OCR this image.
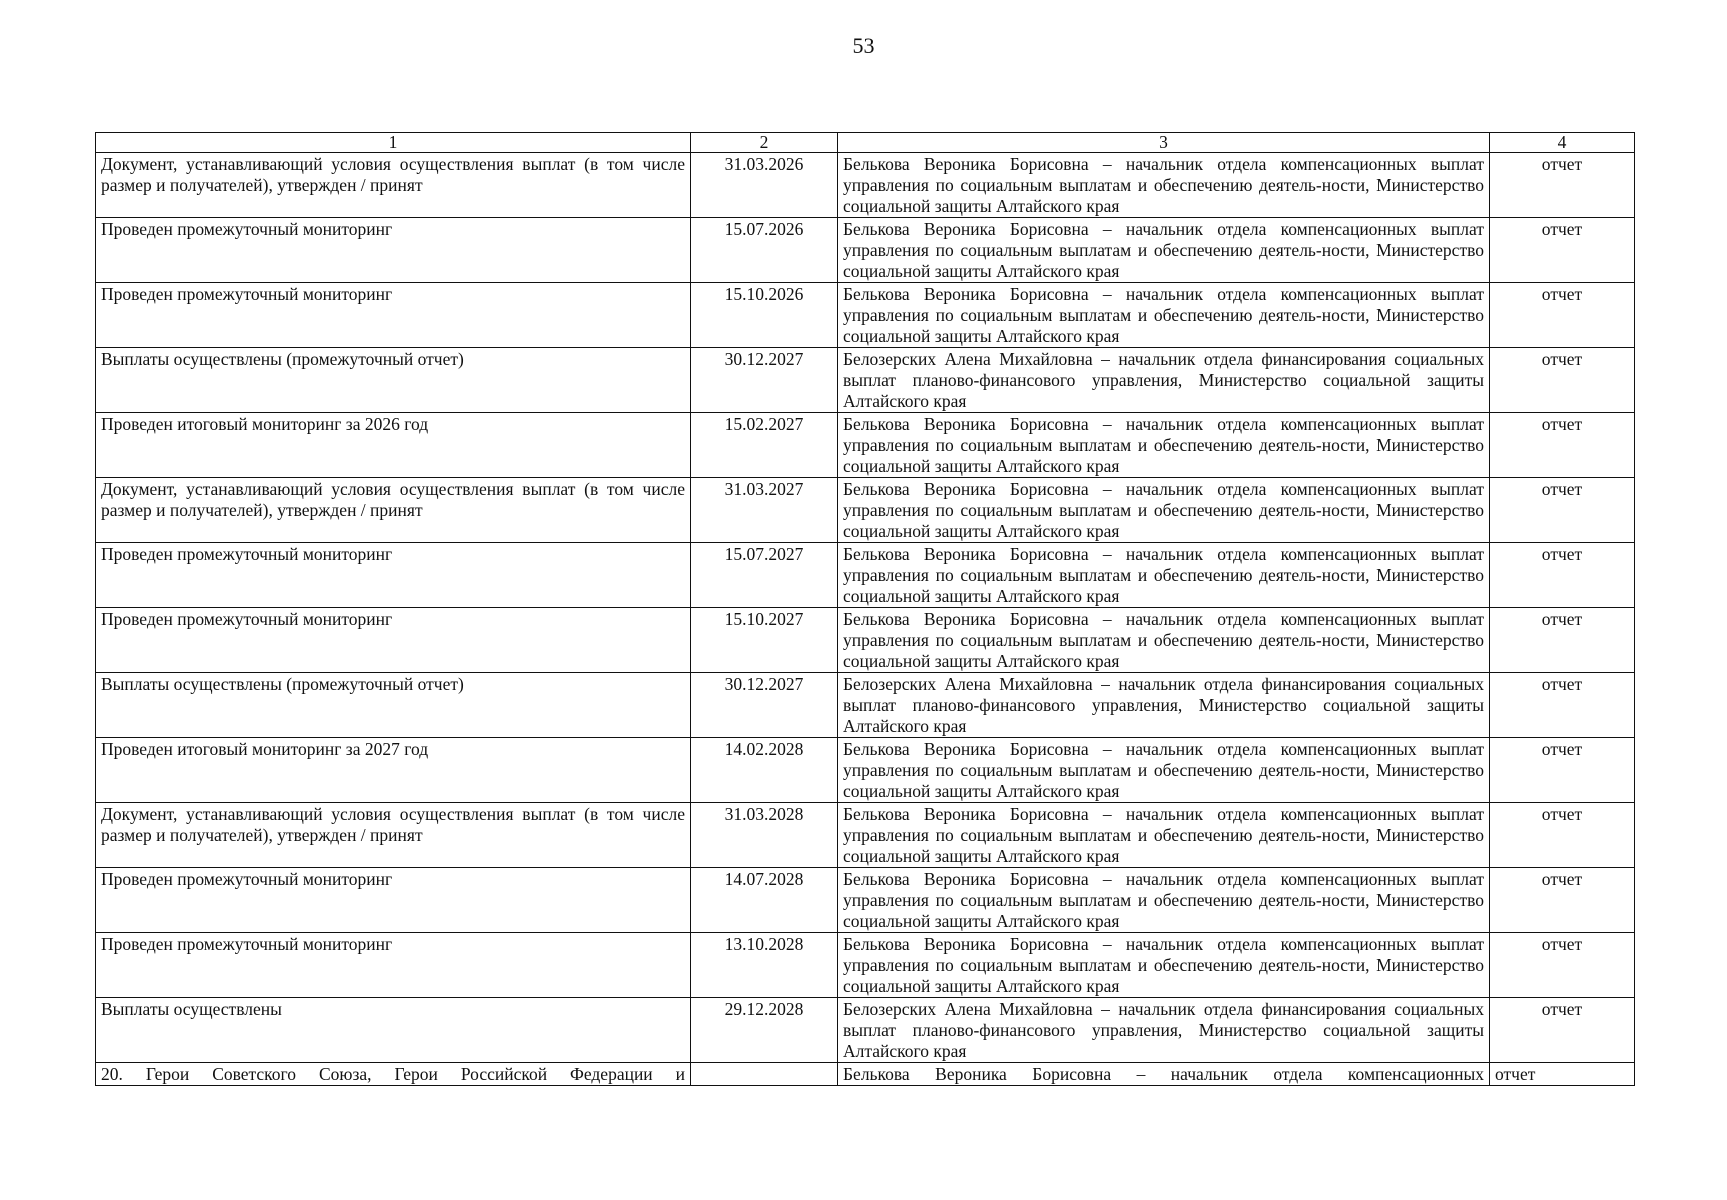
53
1	2	3	4
Документ, устанавливающий условия осуществления выплат (в том числе размер и получателей), утвержден / принят	31.03.2026	Белькова Вероника Борисовна – начальник отдела компенсационных выплат управления по социальным выплатам и обеспечению деятель-ности, Министерство социальной защиты Алтайского края	отчет
Проведен промежуточный мониторинг	15.07.2026	Белькова Вероника Борисовна – начальник отдела компенсационных выплат управления по социальным выплатам и обеспечению деятель-ности, Министерство социальной защиты Алтайского края	отчет
Проведен промежуточный мониторинг	15.10.2026	Белькова Вероника Борисовна – начальник отдела компенсационных выплат управления по социальным выплатам и обеспечению деятель-ности, Министерство социальной защиты Алтайского края	отчет
Выплаты осуществлены (промежуточный отчет)	30.12.2027	Белозерских Алена Михайловна – начальник отдела финансирования социальных выплат планово-финансового управления, Министерство социальной защиты Алтайского края	отчет
Проведен итоговый мониторинг за 2026 год	15.02.2027	Белькова Вероника Борисовна – начальник отдела компенсационных выплат управления по социальным выплатам и обеспечению деятель-ности, Министерство социальной защиты Алтайского края	отчет
Документ, устанавливающий условия осуществления выплат (в том числе размер и получателей), утвержден / принят	31.03.2027	Белькова Вероника Борисовна – начальник отдела компенсационных выплат управления по социальным выплатам и обеспечению деятель-ности, Министерство социальной защиты Алтайского края	отчет
Проведен промежуточный мониторинг	15.07.2027	Белькова Вероника Борисовна – начальник отдела компенсационных выплат управления по социальным выплатам и обеспечению деятель-ности, Министерство социальной защиты Алтайского края	отчет
Проведен промежуточный мониторинг	15.10.2027	Белькова Вероника Борисовна – начальник отдела компенсационных выплат управления по социальным выплатам и обеспечению деятель-ности, Министерство социальной защиты Алтайского края	отчет
Выплаты осуществлены (промежуточный отчет)	30.12.2027	Белозерских Алена Михайловна – начальник отдела финансирования социальных выплат планово-финансового управления, Министерство социальной защиты Алтайского края	отчет
Проведен итоговый мониторинг за 2027 год	14.02.2028	Белькова Вероника Борисовна – начальник отдела компенсационных выплат управления по социальным выплатам и обеспечению деятель-ности, Министерство социальной защиты Алтайского края	отчет
Документ, устанавливающий условия осуществления выплат (в том числе размер и получателей), утвержден / принят	31.03.2028	Белькова Вероника Борисовна – начальник отдела компенсационных выплат управления по социальным выплатам и обеспечению деятель-ности, Министерство социальной защиты Алтайского края	отчет
Проведен промежуточный мониторинг	14.07.2028	Белькова Вероника Борисовна – начальник отдела компенсационных выплат управления по социальным выплатам и обеспечению деятель-ности, Министерство социальной защиты Алтайского края	отчет
Проведен промежуточный мониторинг	13.10.2028	Белькова Вероника Борисовна – начальник отдела компенсационных выплат управления по социальным выплатам и обеспечению деятель-ности, Министерство социальной защиты Алтайского края	отчет
Выплаты осуществлены	29.12.2028	Белозерских Алена Михайловна – начальник отдела финансирования социальных выплат планово-финансового управления, Министерство социальной защиты Алтайского края	отчет
20. Герои Советского Союза, Герои Российской Федерации и		Белькова Вероника Борисовна – начальник отдела компенсационных	отчет
